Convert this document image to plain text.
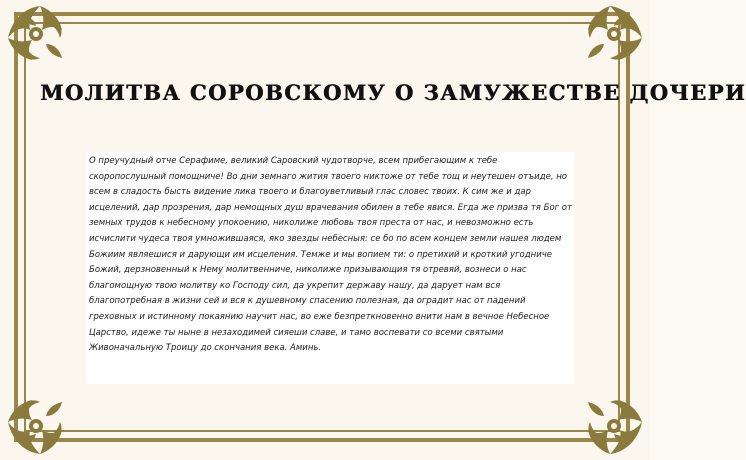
МОЛИТВА СОРОВСКОМУ О ЗАМУЖЕСТВЕ ДОЧЕРИ

О преучудный отче Серафиме, великий Саровский чудотворче, всем прибегающим к тебе скоропослушный помощниче! Во дни земнаго жития твоего никтоже от тебе тощ и неутешен отъиде, но всем в сладость бысть видение лика твоего и благоуветливый глас словес твоих. К сим же и дар исцелений, дар прозрения, дар немощных душ врачевания обилен в тебе явися. Егда же призва тя Бог от земных трудов к небесному упокоению, николиже любовь твоя преста от нас, и невозможно есть исчислити чудеса твоя умножившаяся, яко звезды небесныя: се бо по всем концем земли нашея людем Божиим являешися и дарующи им исцеления. Темже и мы вопием ти: о претихий и кроткий угодниче Божий, дерзновенный к Нему молитвенниче, николиже призывающия тя отревяй, вознеси о нас благомощную твою молитву ко Господу сил, да укрепит державу нашу, да дарует нам вся благопотребная в жизни сей и вся к душевному спасению полезная, да оградит нас от падений греховных и истинному покаянию научит нас, во еже безпреткновенно внити нам в вечное Небесное Царство, идеже ты ныне в незаходимей сияеши славе, и тамо воспевати со всеми святыми Живоначальную Троицу до скончания века. Аминь.
